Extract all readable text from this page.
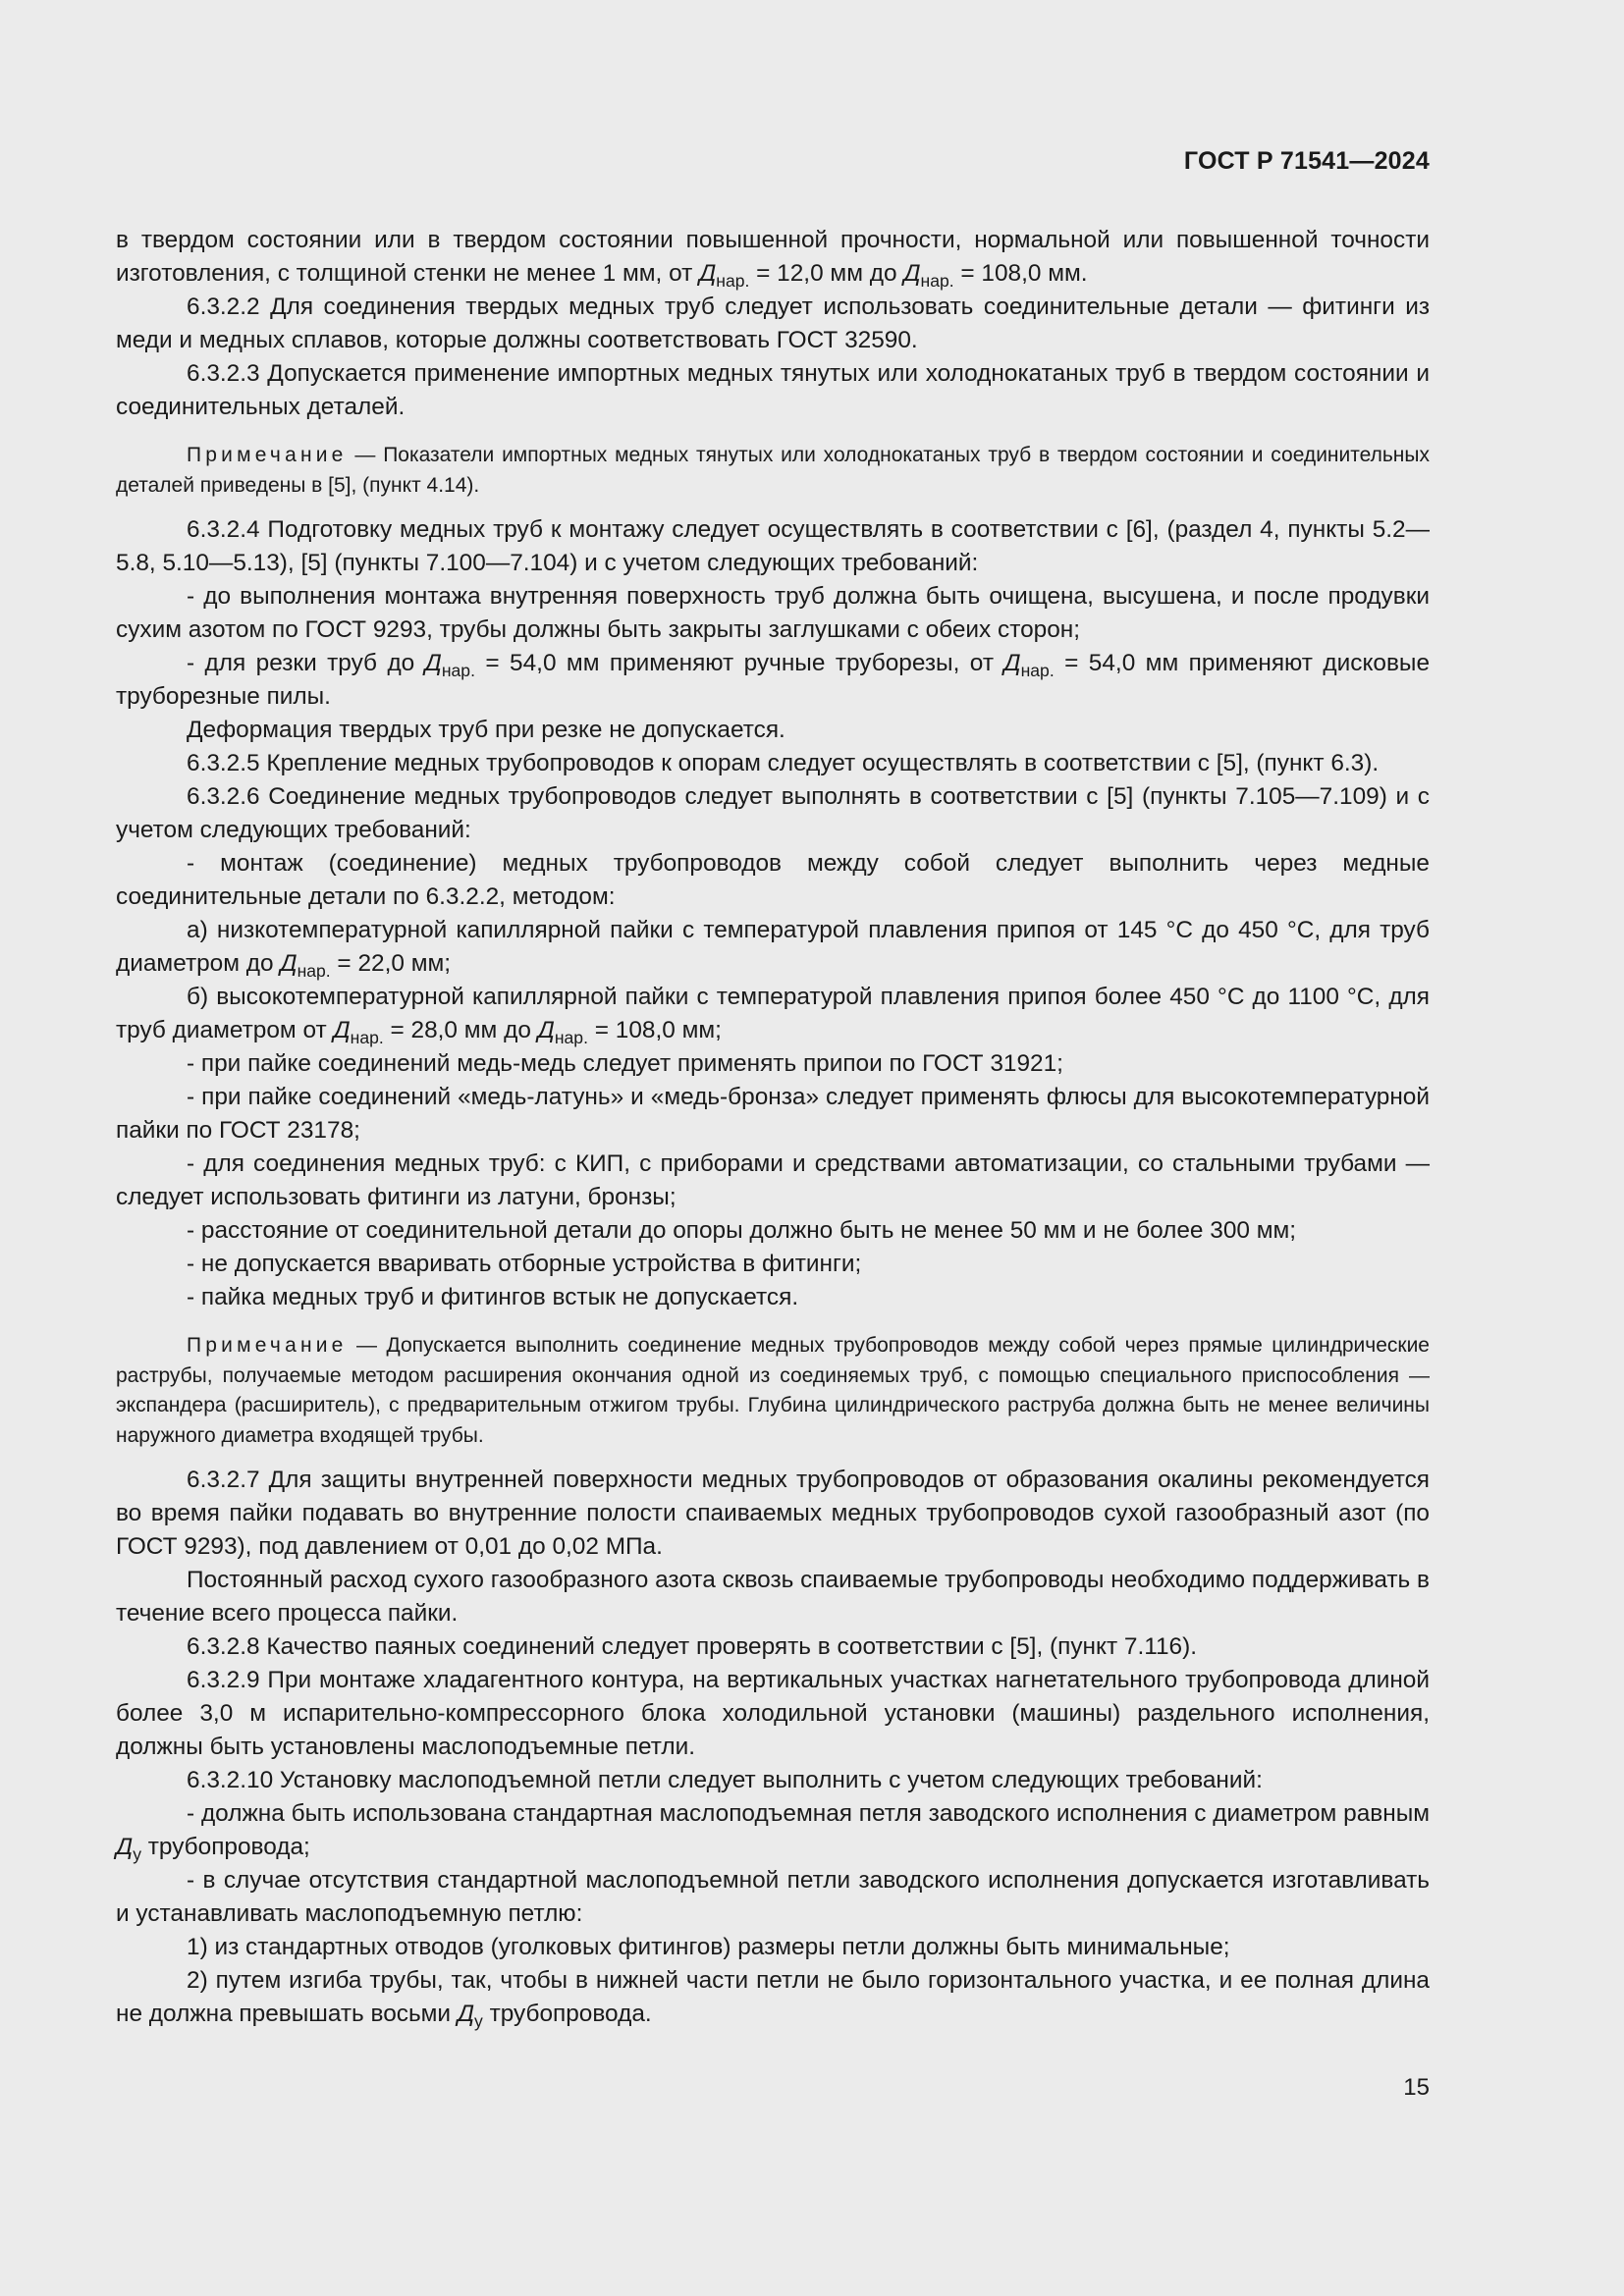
ГОСТ Р 71541—2024

в твердом состоянии или в твердом состоянии повышенной прочности, нормальной или повышенной точности изготовления, с толщиной стенки не менее 1 мм, от $Д_{нар.} = 12,0$ мм до $Д_{нар.} = 108,0$ мм.

6.3.2.2 Для соединения твердых медных труб следует использовать соединительные детали — фитинги из меди и медных сплавов, которые должны соответствовать ГОСТ 32590.

6.3.2.3 Допускается применение импортных медных тянутых или холоднокатаных труб в твердом состоянии и соединительных деталей.

Примечание — Показатели импортных медных тянутых или холоднокатаных труб в твердом состоянии и соединительных деталей приведены в [5], (пункт 4.14).

6.3.2.4 Подготовку медных труб к монтажу следует осуществлять в соответствии с [6], (раздел 4, пункты 5.2—5.8, 5.10—5.13), [5] (пункты 7.100—7.104) и с учетом следующих требований:

- до выполнения монтажа внутренняя поверхность труб должна быть очищена, высушена, и после продувки сухим азотом по ГОСТ 9293, трубы должны быть закрыты заглушками с обеих сторон;

- для резки труб до $Д_{нар.} = 54,0$ мм применяют ручные труборезы, от $Д_{нар.} = 54,0$ мм применяют дисковые труборезные пилы.

Деформация твердых труб при резке не допускается.

6.3.2.5 Крепление медных трубопроводов к опорам следует осуществлять в соответствии с [5], (пункт 6.3).

6.3.2.6 Соединение медных трубопроводов следует выполнять в соответствии с [5] (пункты 7.105—7.109) и с учетом следующих требований:

- монтаж (соединение) медных трубопроводов между собой следует выполнить через медные соединительные детали по 6.3.2.2, методом:

а) низкотемпературной капиллярной пайки с температурой плавления припоя от 145 °С до 450 °С, для труб диаметром до $Д_{нар.} = 22,0$ мм;

б) высокотемпературной капиллярной пайки с температурой плавления припоя более 450 °С до 1100 °С, для труб диаметром от $Д_{нар.} = 28,0$ мм до $Д_{нар.} = 108,0$ мм;

- при пайке соединений медь-медь следует применять припои по ГОСТ 31921;

- при пайке соединений «медь-латунь» и «медь-бронза» следует применять флюсы для высокотемпературной пайки по ГОСТ 23178;

- для соединения медных труб: с КИП, с приборами и средствами автоматизации, со стальными трубами — следует использовать фитинги из латуни, бронзы;

- расстояние от соединительной детали до опоры должно быть не менее 50 мм и не более 300 мм;

- не допускается вваривать отборные устройства в фитинги;

- пайка медных труб и фитингов встык не допускается.

Примечание — Допускается выполнить соединение медных трубопроводов между собой через прямые цилиндрические раструбы, получаемые методом расширения окончания одной из соединяемых труб, с помощью специального приспособления — экспандера (расширитель), с предварительным отжигом трубы. Глубина цилиндрического раструба должна быть не менее величины наружного диаметра входящей трубы.

6.3.2.7 Для защиты внутренней поверхности медных трубопроводов от образования окалины рекомендуется во время пайки подавать во внутренние полости спаиваемых медных трубопроводов сухой газообразный азот (по ГОСТ 9293), под давлением от 0,01 до 0,02 МПа.

Постоянный расход сухого газообразного азота сквозь спаиваемые трубопроводы необходимо поддерживать в течение всего процесса пайки.

6.3.2.8 Качество паяных соединений следует проверять в соответствии с [5], (пункт 7.116).

6.3.2.9 При монтаже хладагентного контура, на вертикальных участках нагнетательного трубопровода длиной более 3,0 м испарительно-компрессорного блока холодильной установки (машины) раздельного исполнения, должны быть установлены маслоподъемные петли.

6.3.2.10 Установку маслоподъемной петли следует выполнить с учетом следующих требований:

- должна быть использована стандартная маслоподъемная петля заводского исполнения с диаметром равным $Д_у$ трубопровода;

- в случае отсутствия стандартной маслоподъемной петли заводского исполнения допускается изготавливать и устанавливать маслоподъемную петлю:

1) из стандартных отводов (уголковых фитингов) размеры петли должны быть минимальные;

2) путем изгиба трубы, так, чтобы в нижней части петли не было горизонтального участка, и ее полная длина не должна превышать восьми $Д_у$ трубопровода.

15
